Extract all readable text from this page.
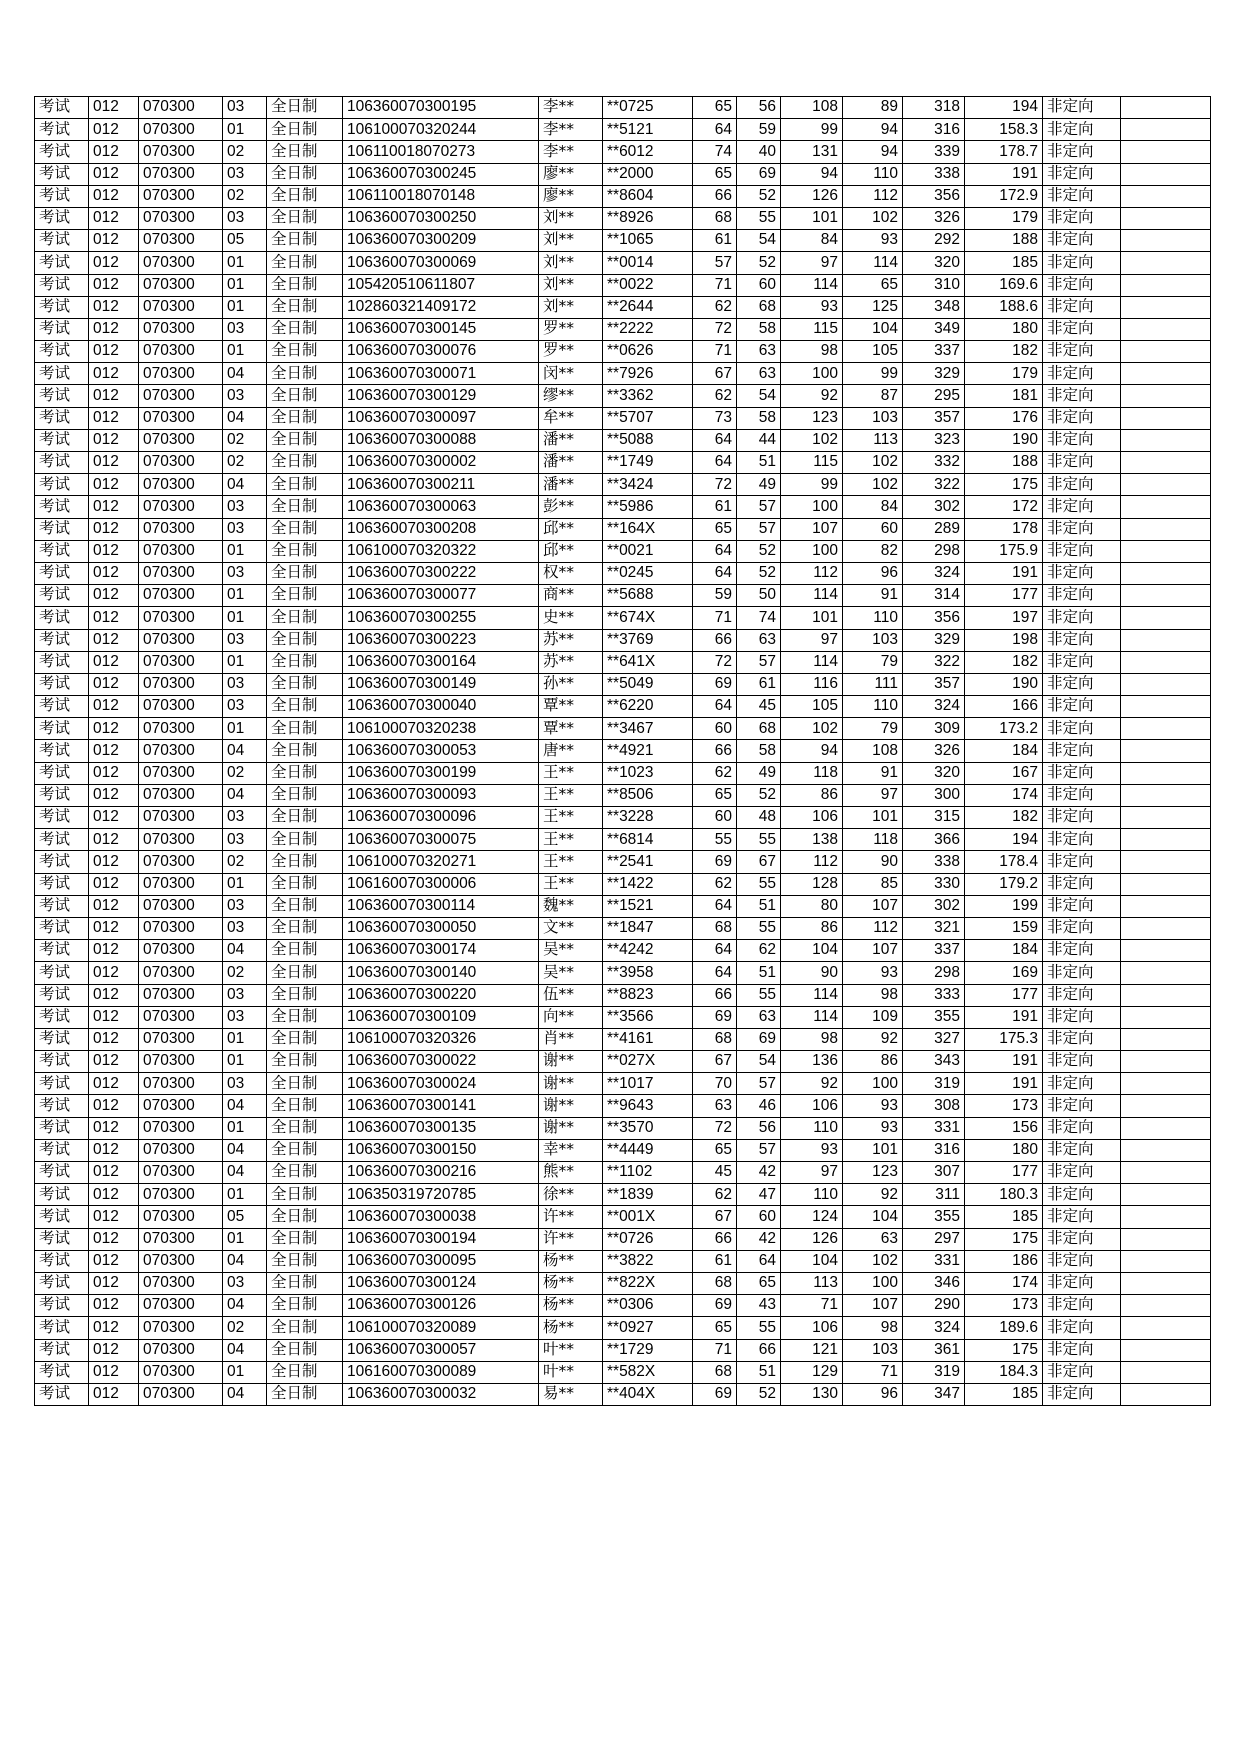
考试	012	070300	03	全日制	106360070300195	李**	**0725	65	56	108	89	318	194	非定向	
考试	012	070300	01	全日制	106100070320244	李**	**5121	64	59	99	94	316	158.3	非定向	
考试	012	070300	02	全日制	106110018070273	李**	**6012	74	40	131	94	339	178.7	非定向	
考试	012	070300	03	全日制	106360070300245	廖**	**2000	65	69	94	110	338	191	非定向	
考试	012	070300	02	全日制	106110018070148	廖**	**8604	66	52	126	112	356	172.9	非定向	
考试	012	070300	03	全日制	106360070300250	刘**	**8926	68	55	101	102	326	179	非定向	
考试	012	070300	05	全日制	106360070300209	刘**	**1065	61	54	84	93	292	188	非定向	
考试	012	070300	01	全日制	106360070300069	刘**	**0014	57	52	97	114	320	185	非定向	
考试	012	070300	01	全日制	105420510611807	刘**	**0022	71	60	114	65	310	169.6	非定向	
考试	012	070300	01	全日制	102860321409172	刘**	**2644	62	68	93	125	348	188.6	非定向	
考试	012	070300	03	全日制	106360070300145	罗**	**2222	72	58	115	104	349	180	非定向	
考试	012	070300	01	全日制	106360070300076	罗**	**0626	71	63	98	105	337	182	非定向	
考试	012	070300	04	全日制	106360070300071	闵**	**7926	67	63	100	99	329	179	非定向	
考试	012	070300	03	全日制	106360070300129	缪**	**3362	62	54	92	87	295	181	非定向	
考试	012	070300	04	全日制	106360070300097	牟**	**5707	73	58	123	103	357	176	非定向	
考试	012	070300	02	全日制	106360070300088	潘**	**5088	64	44	102	113	323	190	非定向	
考试	012	070300	02	全日制	106360070300002	潘**	**1749	64	51	115	102	332	188	非定向	
考试	012	070300	04	全日制	106360070300211	潘**	**3424	72	49	99	102	322	175	非定向	
考试	012	070300	03	全日制	106360070300063	彭**	**5986	61	57	100	84	302	172	非定向	
考试	012	070300	03	全日制	106360070300208	邱**	**164X	65	57	107	60	289	178	非定向	
考试	012	070300	01	全日制	106100070320322	邱**	**0021	64	52	100	82	298	175.9	非定向	
考试	012	070300	03	全日制	106360070300222	权**	**0245	64	52	112	96	324	191	非定向	
考试	012	070300	01	全日制	106360070300077	商**	**5688	59	50	114	91	314	177	非定向	
考试	012	070300	01	全日制	106360070300255	史**	**674X	71	74	101	110	356	197	非定向	
考试	012	070300	03	全日制	106360070300223	苏**	**3769	66	63	97	103	329	198	非定向	
考试	012	070300	01	全日制	106360070300164	苏**	**641X	72	57	114	79	322	182	非定向	
考试	012	070300	03	全日制	106360070300149	孙**	**5049	69	61	116	111	357	190	非定向	
考试	012	070300	03	全日制	106360070300040	覃**	**6220	64	45	105	110	324	166	非定向	
考试	012	070300	01	全日制	106100070320238	覃**	**3467	60	68	102	79	309	173.2	非定向	
考试	012	070300	04	全日制	106360070300053	唐**	**4921	66	58	94	108	326	184	非定向	
考试	012	070300	02	全日制	106360070300199	王**	**1023	62	49	118	91	320	167	非定向	
考试	012	070300	04	全日制	106360070300093	王**	**8506	65	52	86	97	300	174	非定向	
考试	012	070300	03	全日制	106360070300096	王**	**3228	60	48	106	101	315	182	非定向	
考试	012	070300	03	全日制	106360070300075	王**	**6814	55	55	138	118	366	194	非定向	
考试	012	070300	02	全日制	106100070320271	王**	**2541	69	67	112	90	338	178.4	非定向	
考试	012	070300	01	全日制	106160070300006	王**	**1422	62	55	128	85	330	179.2	非定向	
考试	012	070300	03	全日制	106360070300114	魏**	**1521	64	51	80	107	302	199	非定向	
考试	012	070300	03	全日制	106360070300050	文**	**1847	68	55	86	112	321	159	非定向	
考试	012	070300	04	全日制	106360070300174	吴**	**4242	64	62	104	107	337	184	非定向	
考试	012	070300	02	全日制	106360070300140	吴**	**3958	64	51	90	93	298	169	非定向	
考试	012	070300	03	全日制	106360070300220	伍**	**8823	66	55	114	98	333	177	非定向	
考试	012	070300	03	全日制	106360070300109	向**	**3566	69	63	114	109	355	191	非定向	
考试	012	070300	01	全日制	106100070320326	肖**	**4161	68	69	98	92	327	175.3	非定向	
考试	012	070300	01	全日制	106360070300022	谢**	**027X	67	54	136	86	343	191	非定向	
考试	012	070300	03	全日制	106360070300024	谢**	**1017	70	57	92	100	319	191	非定向	
考试	012	070300	04	全日制	106360070300141	谢**	**9643	63	46	106	93	308	173	非定向	
考试	012	070300	01	全日制	106360070300135	谢**	**3570	72	56	110	93	331	156	非定向	
考试	012	070300	04	全日制	106360070300150	幸**	**4449	65	57	93	101	316	180	非定向	
考试	012	070300	04	全日制	106360070300216	熊**	**1102	45	42	97	123	307	177	非定向	
考试	012	070300	01	全日制	106350319720785	徐**	**1839	62	47	110	92	311	180.3	非定向	
考试	012	070300	05	全日制	106360070300038	许**	**001X	67	60	124	104	355	185	非定向	
考试	012	070300	01	全日制	106360070300194	许**	**0726	66	42	126	63	297	175	非定向	
考试	012	070300	04	全日制	106360070300095	杨**	**3822	61	64	104	102	331	186	非定向	
考试	012	070300	03	全日制	106360070300124	杨**	**822X	68	65	113	100	346	174	非定向	
考试	012	070300	04	全日制	106360070300126	杨**	**0306	69	43	71	107	290	173	非定向	
考试	012	070300	02	全日制	106100070320089	杨**	**0927	65	55	106	98	324	189.6	非定向	
考试	012	070300	04	全日制	106360070300057	叶**	**1729	71	66	121	103	361	175	非定向	
考试	012	070300	01	全日制	106160070300089	叶**	**582X	68	51	129	71	319	184.3	非定向	
考试	012	070300	04	全日制	106360070300032	易**	**404X	69	52	130	96	347	185	非定向	
